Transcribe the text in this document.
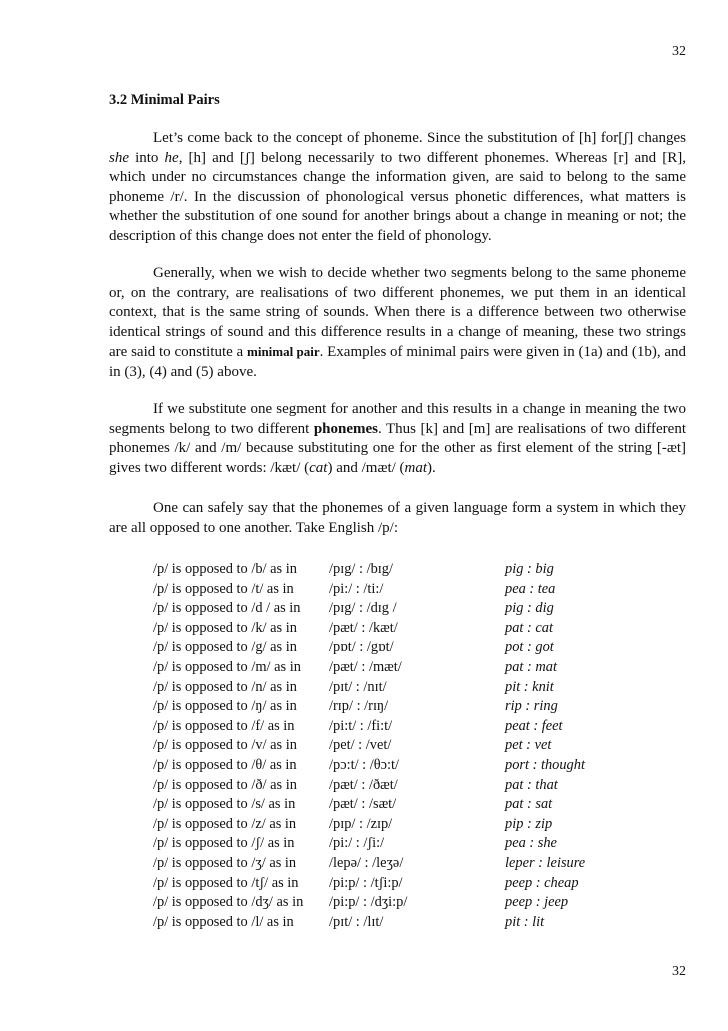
32
3.2 Minimal Pairs
Let’s come back to the concept of phoneme. Since the substitution of [h] for[ʃ] changes she into he, [h] and [ʃ] belong necessarily to two different phonemes. Whereas [r] and [R], which under no circumstances change the information given, are said to belong to the same phoneme /r/. In the discussion of phonological versus phonetic differences, what matters is whether the substitution of one sound for another brings about a change in meaning or not; the description of this change does not enter the field of phonology.
Generally, when we wish to decide whether two segments belong to the same phoneme or, on the contrary, are realisations of two different phonemes, we put them in an identical context, that is the same string of sounds. When there is a difference between two otherwise identical strings of sound and this difference results in a change of meaning, these two strings are said to constitute a minimal pair. Examples of minimal pairs were given in (1a) and (1b), and in (3), (4) and (5) above.
If we substitute one segment for another and this results in a change in meaning the two segments belong to two different phonemes. Thus [k] and [m] are realisations of two different phonemes /k/ and /m/ because substituting one for the other as first element of the string [-æt] gives two different words: /kæt/ (cat) and /mæt/ (mat).
One can safely say that the phonemes of a given language form a system in which they are all opposed to one another. Take English /p/:
/p/ is opposed to /b/ as in /pɪg/ : /bɪg/	pig : big
/p/ is opposed to /t/ as in /pi:/ : /ti:/	pea : tea
/p/ is opposed to /d / as in /pɪg/ : /dɪg /	pig : dig
/p/ is opposed to /k/ as in /pæt/ : /kæt/	pat : cat
/p/ is opposed to /g/ as in /pɒt/ : /gɒt/	pot : got
/p/ is opposed to /m/ as in /pæt/ : /mæt/	pat : mat
/p/ is opposed to /n/ as in /pɪt/ : /nɪt/	pit : knit
/p/ is opposed to /ŋ/ as in /rɪp/ : /rɪŋ/	rip : ring
/p/ is opposed to /f/ as in /pi:t/ : /fi:t/	peat : feet
/p/ is opposed to /v/ as in /pet/ : /vet/	pet : vet
/p/ is opposed to /θ/ as in /pɔ:t/ : /θɔ:t/	port : thought
/p/ is opposed to /ð/ as in /pæt/ : /ðæt/	pat : that
/p/ is opposed to /s/ as in /pæt/ : /sæt/	pat : sat
/p/ is opposed to /z/ as in /pɪp/ : /zɪp/	pip : zip
/p/ is opposed to /ʃ/ as in /pi:/ : /ʃi:/	pea : she
/p/ is opposed to /ʒ/ as in /lepə/ : /leʒə/	leper : leisure
/p/ is opposed to /tʃ/ as in /pi:p/ : /tʃi:p/	peep : cheap
/p/ is opposed to /dʒ/ as in /pi:p/ : /dʒi:p/	peep : jeep
/p/ is opposed to /l/ as in /pɪt/ : /lɪt/	pit : lit
32
